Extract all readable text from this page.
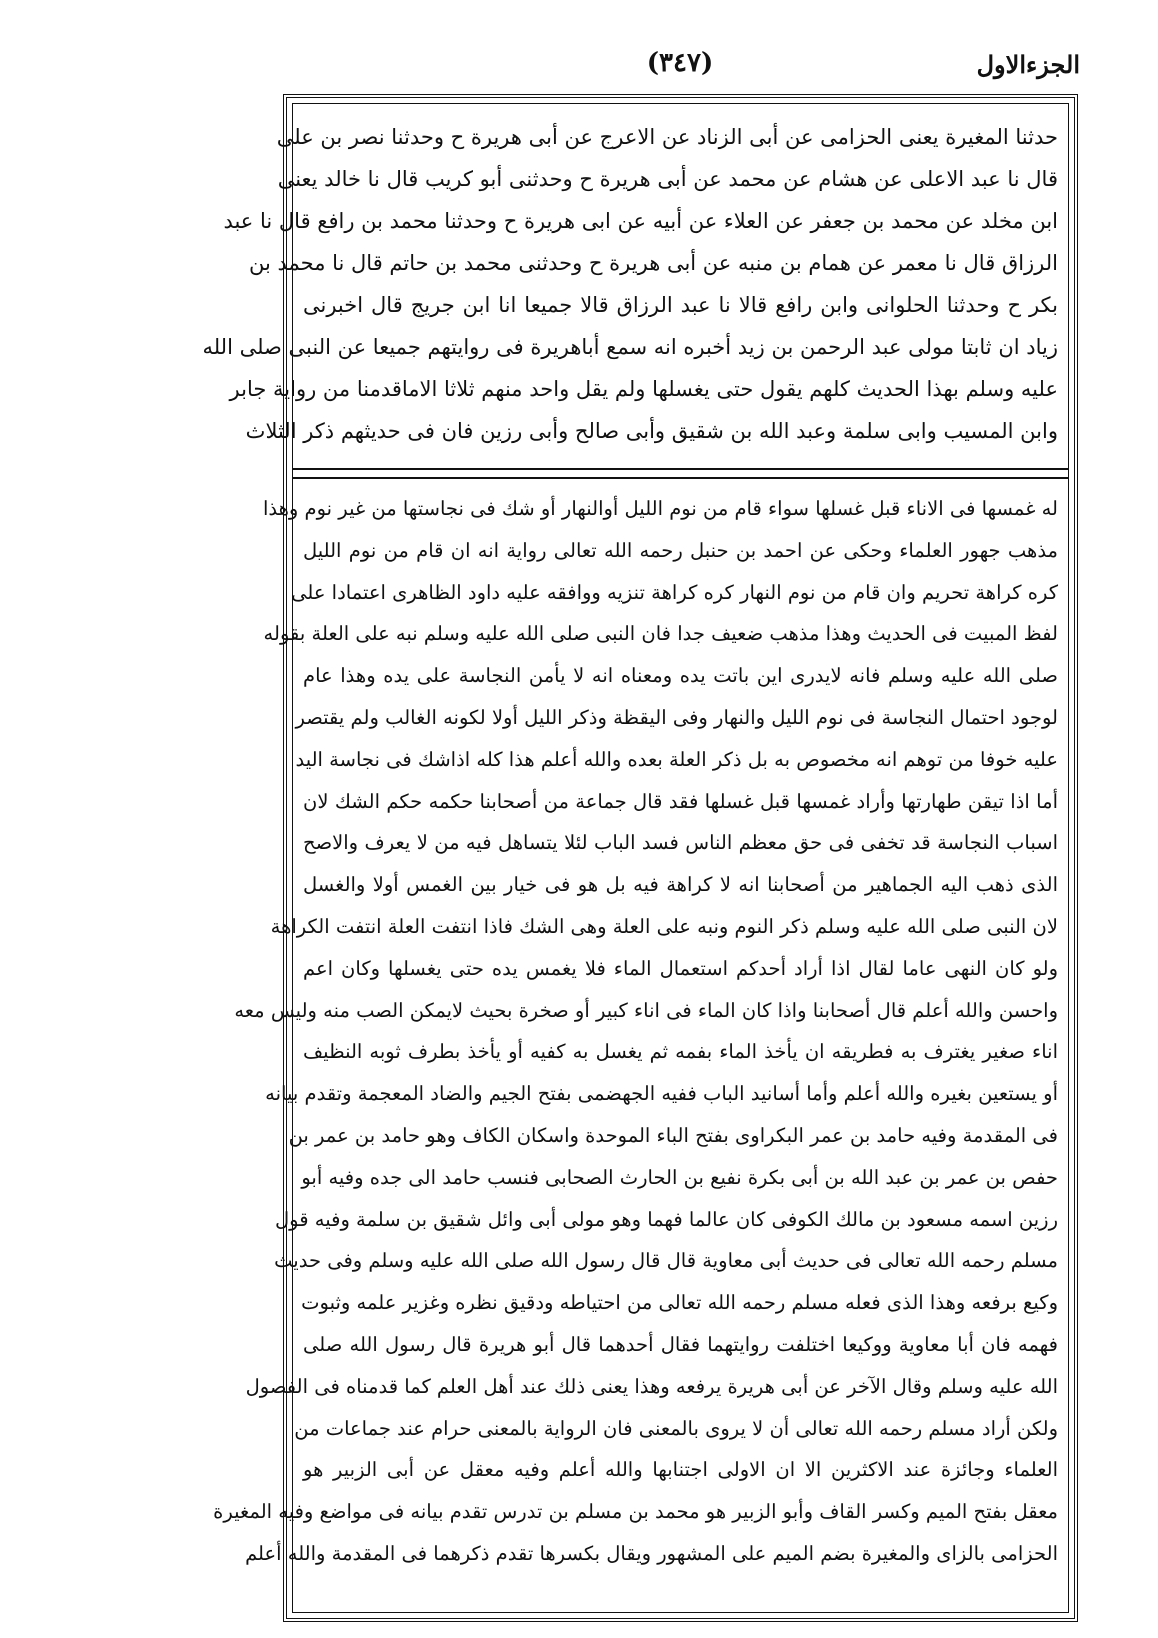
الجزءالاول
(٣٤٧)
حدثنا المغيرة يعنى الحزامى عن أبى الزناد عن الاعرج عن أبى هريرة ح وحدثنا نصر بن على
قال نا عبد الاعلى عن هشام عن محمد عن أبى هريرة ح وحدثنى أبو كريب قال نا خالد يعنى
ابن مخلد عن محمد بن جعفر عن العلاء عن أبيه عن ابى هريرة ح وحدثنا محمد بن رافع قال نا عبد
الرزاق قال نا معمر عن همام بن منبه عن أبى هريرة ح وحدثنى محمد بن حاتم قال نا محمد بن
بكر ح وحدثنا الحلوانى وابن رافع قالا نا عبد الرزاق قالا جميعا انا ابن جريج قال اخبرنى
زياد ان ثابتا مولى عبد الرحمن بن زيد أخبره انه سمع أباهريرة فى روايتهم جميعا عن النبى صلى الله
عليه وسلم بهذا الحديث كلهم يقول حتى يغسلها ولم يقل واحد منهم ثلاثا الاماقدمنا من رواية جابر
وابن المسيب وابى سلمة وعبد الله بن شقيق وأبى صالح وأبى رزين فان فى حديثهم ذكر الثلاث
له غمسها فى الاناء قبل غسلها سواء قام من نوم الليل أوالنهار أو شك فى نجاستها من غير نوم وهذا
مذهب جهور العلماء وحكى عن احمد بن حنبل رحمه الله تعالى رواية انه ان قام من نوم الليل
كره كراهة تحريم وان قام من نوم النهار كره كراهة تنزيه ووافقه عليه داود الظاهرى اعتمادا على
لفظ المبيت فى الحديث وهذا مذهب ضعيف جدا فان النبى صلى الله عليه وسلم نبه على العلة بقوله
صلى الله عليه وسلم فانه لايدرى اين باتت يده ومعناه انه لا يأمن النجاسة على يده وهذا عام
لوجود احتمال النجاسة فى نوم الليل والنهار وفى اليقظة وذكر الليل أولا لكونه الغالب ولم يقتصر
عليه خوفا من توهم انه مخصوص به بل ذكر العلة بعده والله أعلم هذا كله اذاشك فى نجاسة اليد
أما اذا تيقن طهارتها وأراد غمسها قبل غسلها فقد قال جماعة من أصحابنا حكمه حكم الشك لان
اسباب النجاسة قد تخفى فى حق معظم الناس فسد الباب لئلا يتساهل فيه من لا يعرف والاصح
الذى ذهب اليه الجماهير من أصحابنا انه لا كراهة فيه بل هو فى خيار بين الغمس أولا والغسل
لان النبى صلى الله عليه وسلم ذكر النوم ونبه على العلة وهى الشك فاذا انتفت العلة انتفت الكراهة
ولو كان النهى عاما لقال اذا أراد أحدكم استعمال الماء فلا يغمس يده حتى يغسلها وكان اعم
واحسن والله أعلم قال أصحابنا واذا كان الماء فى اناء كبير أو صخرة بحيث لايمكن الصب منه وليس معه
اناء صغير يغترف به فطريقه ان يأخذ الماء بفمه ثم يغسل به كفيه أو يأخذ بطرف ثوبه النظيف
أو يستعين بغيره والله أعلم وأما أسانيد الباب ففيه الجهضمى بفتح الجيم والضاد المعجمة وتقدم بيانه
فى المقدمة وفيه حامد بن عمر البكراوى بفتح الباء الموحدة واسكان الكاف وهو حامد بن عمر بن
حفص بن عمر بن عبد الله بن أبى بكرة نفيع بن الحارث الصحابى فنسب حامد الى جده وفيه أبو
رزين اسمه مسعود بن مالك الكوفى كان عالما فهما وهو مولى أبى وائل شقيق بن سلمة وفيه قول
مسلم رحمه الله تعالى فى حديث أبى معاوية قال قال رسول الله صلى الله عليه وسلم وفى حديث
وكيع برفعه وهذا الذى فعله مسلم رحمه الله تعالى من احتياطه ودقيق نظره وغزير علمه وثبوت
فهمه فان أبا معاوية ووكيعا اختلفت روايتهما فقال أحدهما قال أبو هريرة قال رسول الله صلى
الله عليه وسلم وقال الآخر عن أبى هريرة يرفعه وهذا يعنى ذلك عند أهل العلم كما قدمناه فى الفصول
ولكن أراد مسلم رحمه الله تعالى أن لا يروى بالمعنى فان الرواية بالمعنى حرام عند جماعات من
العلماء وجائزة عند الاكثرين الا ان الاولى اجتنابها والله أعلم وفيه معقل عن أبى الزبير هو
معقل بفتح الميم وكسر القاف وأبو الزبير هو محمد بن مسلم بن تدرس تقدم بيانه فى مواضع وفيه المغيرة
الحزامى بالزاى والمغيرة بضم الميم على المشهور ويقال بكسرها تقدم ذكرهما فى المقدمة والله أعلم
